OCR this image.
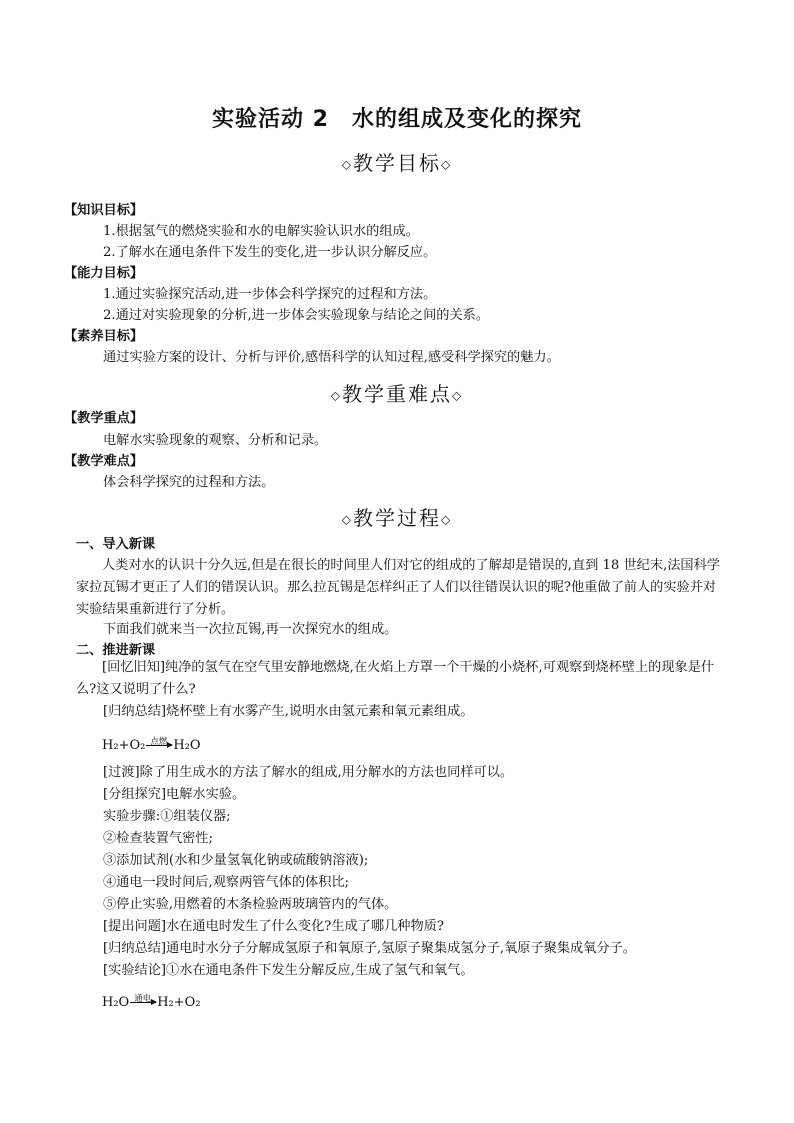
实验活动 2　水的组成及变化的探究
◇教学目标◇
【知识目标】
1.根据氢气的燃烧实验和水的电解实验认识水的组成。
2.了解水在通电条件下发生的变化,进一步认识分解反应。
【能力目标】
1.通过实验探究活动,进一步体会科学探究的过程和方法。
2.通过对实验现象的分析,进一步体会实验现象与结论之间的关系。
【素养目标】
通过实验方案的设计、分析与评价,感悟科学的认知过程,感受科学探究的魅力。
◇教学重难点◇
【教学重点】
电解水实验现象的观察、分析和记录。
【教学难点】
体会科学探究的过程和方法。
◇教学过程◇
一、导入新课
人类对水的认识十分久远,但是在很长的时间里人们对它的组成的了解却是错误的,直到 18 世纪末,法国科学家拉瓦锡才更正了人们的错误认识。那么拉瓦锡是怎样纠正了人们以往错误认识的呢?他重做了前人的实验并对实验结果重新进行了分析。
下面我们就来当一次拉瓦锡,再一次探究水的组成。
二、推进新课
[回忆旧知]纯净的氢气在空气里安静地燃烧,在火焰上方罩一个干燥的小烧杯,可观察到烧杯壁上的现象是什么?这又说明了什么?
[归纳总结]烧杯壁上有水雾产生,说明水由氢元素和氧元素组成。
H₂+O₂ 点燃 H₂O
[过渡]除了用生成水的方法了解水的组成,用分解水的方法也同样可以。
[分组探究]电解水实验。
实验步骤:①组装仪器;
②检查装置气密性;
③添加试剂(水和少量氢氧化钠或硫酸钠溶液);
④通电一段时间后,观察两管气体的体积比;
⑤停止实验,用燃着的木条检验两玻璃管内的气体。
[提出问题]水在通电时发生了什么变化?生成了哪几种物质?
[归纳总结]通电时水分子分解成氢原子和氧原子,氢原子聚集成氢分子,氧原子聚集成氧分子。
[实验结论]①水在通电条件下发生分解反应,生成了氢气和氧气。
H₂O 通电 H₂+O₂
